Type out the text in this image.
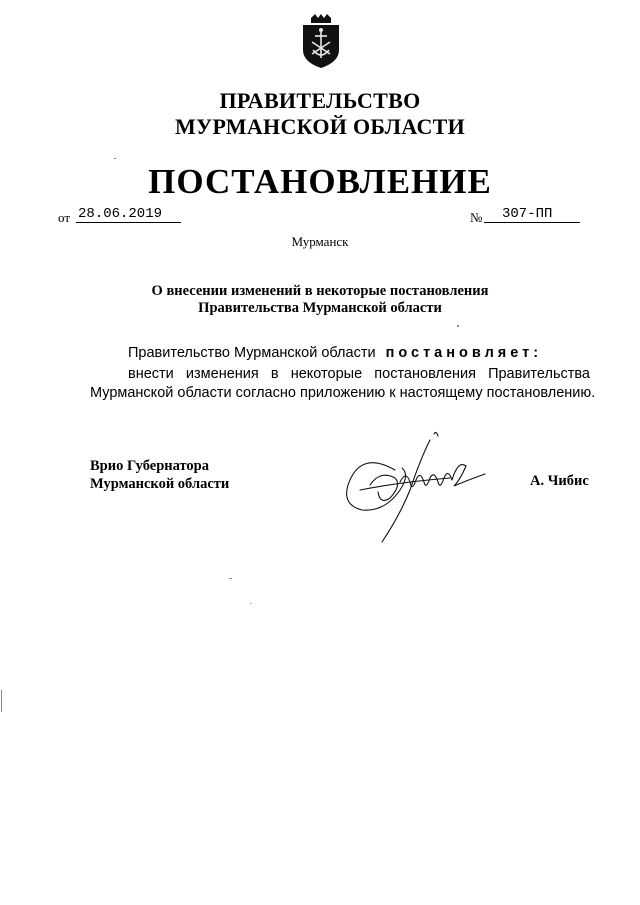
ПРАВИТЕЛЬСТВО
МУРМАНСКОЙ ОБЛАСТИ
ПОСТАНОВЛЕНИЕ
от 28.06.2019	№	307-ПП
Мурманск
О внесении изменений в некоторые постановления
Правительства Мурманской области
Правительство Мурманской области постановляет:
внести изменения в некоторые постановления Правительства
Мурманской области согласно приложению к настоящему постановлению.
Врио Губернатора
Мурманской области	А. Чибис
